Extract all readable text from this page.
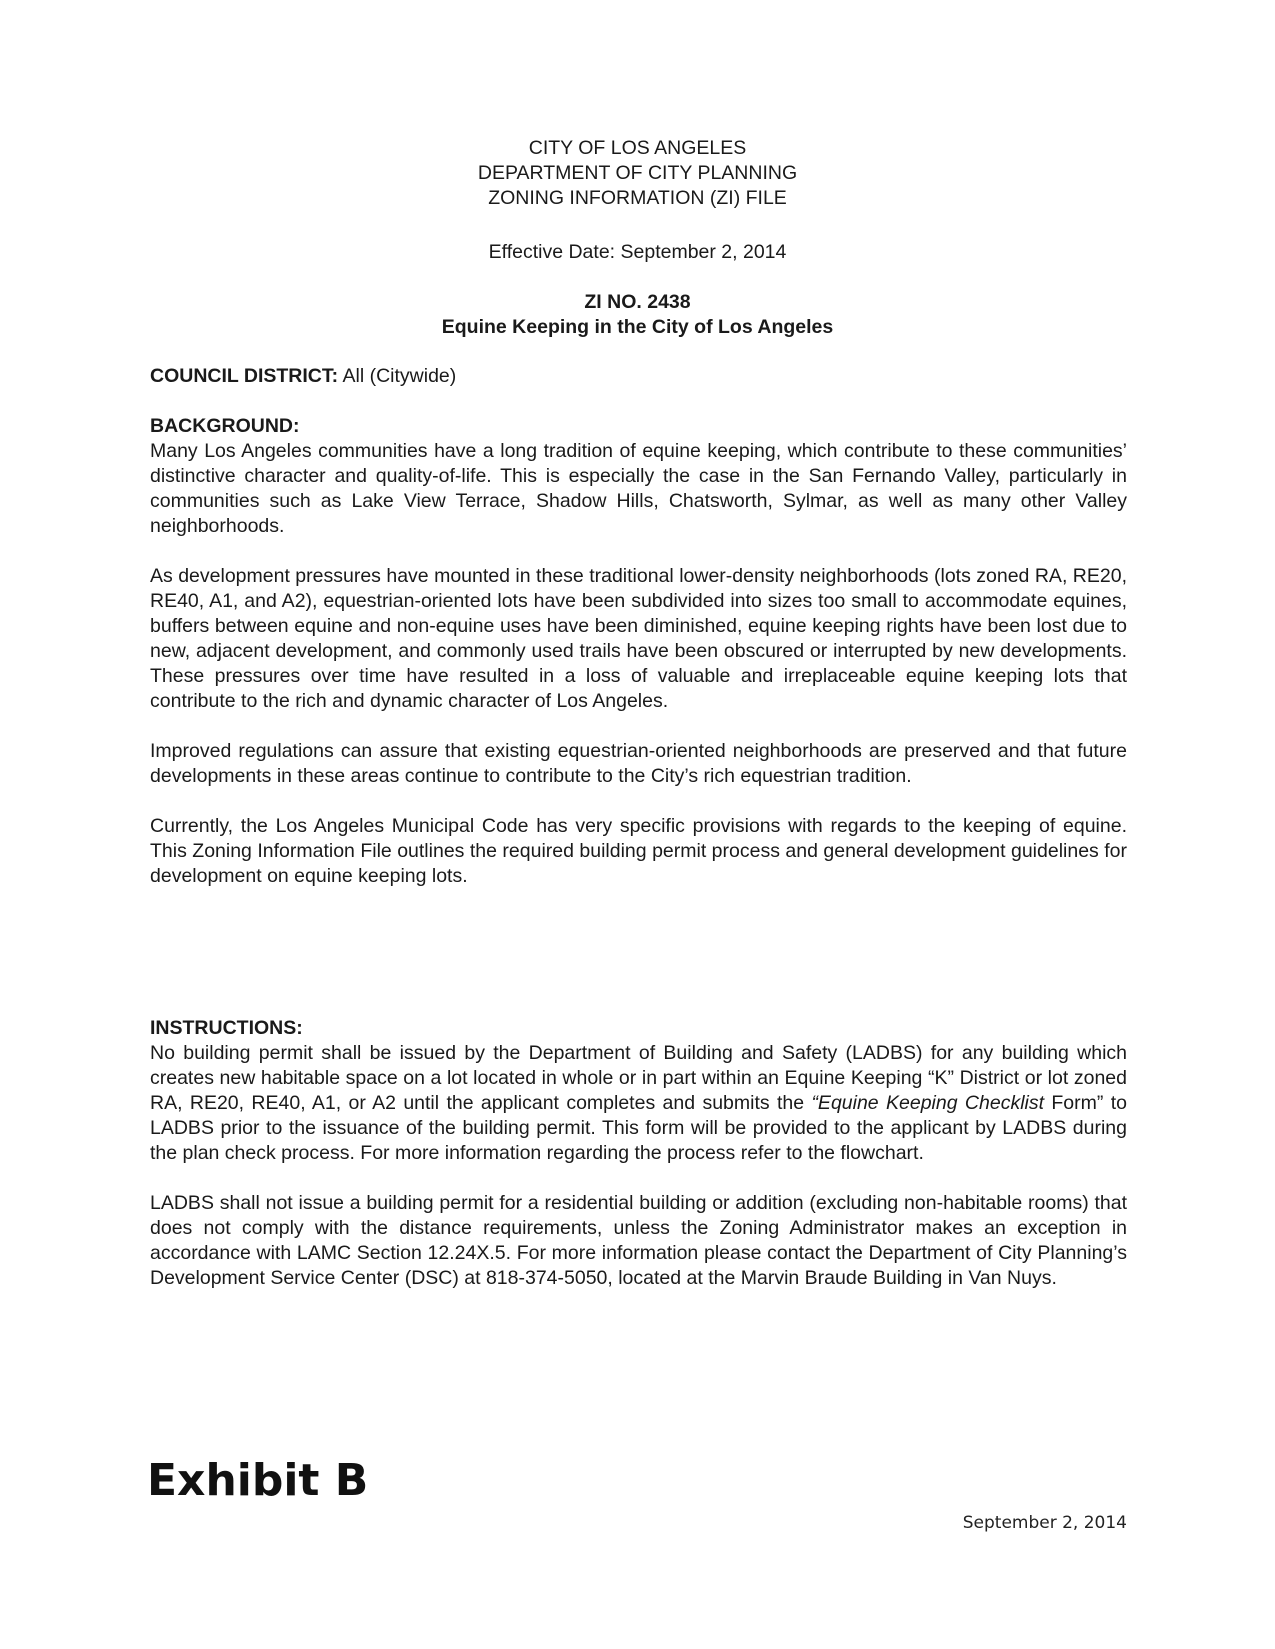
CITY OF LOS ANGELES
DEPARTMENT OF CITY PLANNING
ZONING INFORMATION (ZI) FILE
Effective Date: September 2, 2014
ZI NO. 2438
Equine Keeping in the City of Los Angeles
COUNCIL DISTRICT: All (Citywide)
BACKGROUND:

Many Los Angeles communities have a long tradition of equine keeping, which contribute to these communities’ distinctive character and quality-of-life. This is especially the case in the San Fernando Valley, particularly in communities such as Lake View Terrace, Shadow Hills, Chatsworth, Sylmar, as well as many other Valley neighborhoods.

As development pressures have mounted in these traditional lower-density neighborhoods (lots zoned RA, RE20, RE40, A1, and A2), equestrian-oriented lots have been subdivided into sizes too small to accommodate equines, buffers between equine and non-equine uses have been diminished, equine keeping rights have been lost due to new, adjacent development, and commonly used trails have been obscured or interrupted by new developments. These pressures over time have resulted in a loss of valuable and irreplaceable equine keeping lots that contribute to the rich and dynamic character of Los Angeles.

Improved regulations can assure that existing equestrian-oriented neighborhoods are preserved and that future developments in these areas continue to contribute to the City’s rich equestrian tradition.

Currently, the Los Angeles Municipal Code has very specific provisions with regards to the keeping of equine. This Zoning Information File outlines the required building permit process and general development guidelines for development on equine keeping lots.

INSTRUCTIONS:

No building permit shall be issued by the Department of Building and Safety (LADBS) for any building which creates new habitable space on a lot located in whole or in part within an Equine Keeping “K” District or lot zoned RA, RE20, RE40, A1, or A2 until the applicant completes and submits the “Equine Keeping Checklist Form” to LADBS prior to the issuance of the building permit. This form will be provided to the applicant by LADBS during the plan check process. For more information regarding the process refer to the flowchart.

LADBS shall not issue a building permit for a residential building or addition (excluding non-habitable rooms) that does not comply with the distance requirements, unless the Zoning Administrator makes an exception in accordance with LAMC Section 12.24X.5. For more information please contact the Department of City Planning’s Development Service Center (DSC) at 818-374-5050, located at the Marvin Braude Building in Van Nuys.

Exhibit B
September 2, 2014
